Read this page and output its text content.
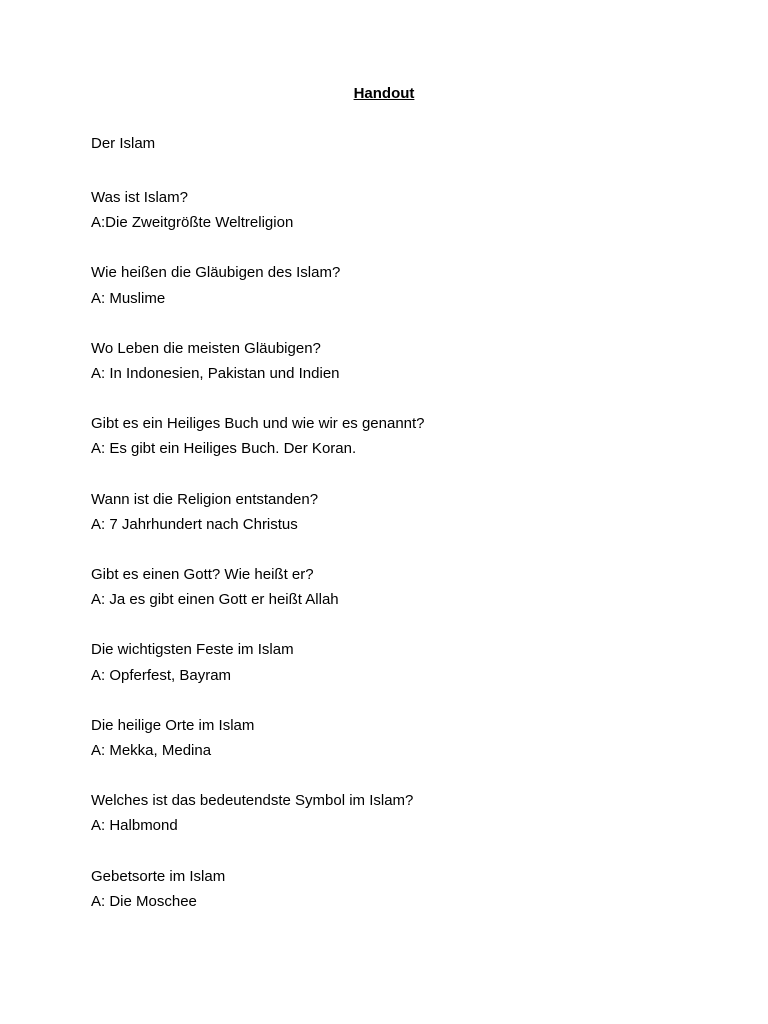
Handout
Der Islam
Was ist Islam?
A:Die Zweitgrößte Weltreligion
Wie heißen die Gläubigen des Islam?
A: Muslime
Wo Leben die meisten Gläubigen?
A: In Indonesien, Pakistan und Indien
Gibt es ein Heiliges Buch und wie wir es genannt?
A: Es gibt ein Heiliges Buch. Der Koran.
Wann ist die Religion entstanden?
A: 7 Jahrhundert nach Christus
Gibt es einen Gott? Wie heißt er?
A: Ja es gibt einen Gott er heißt Allah
Die wichtigsten Feste im Islam
A: Opferfest, Bayram
Die heilige Orte im Islam
A: Mekka, Medina
Welches ist das bedeutendste Symbol im Islam?
A: Halbmond
Gebetsorte im Islam
A: Die Moschee
